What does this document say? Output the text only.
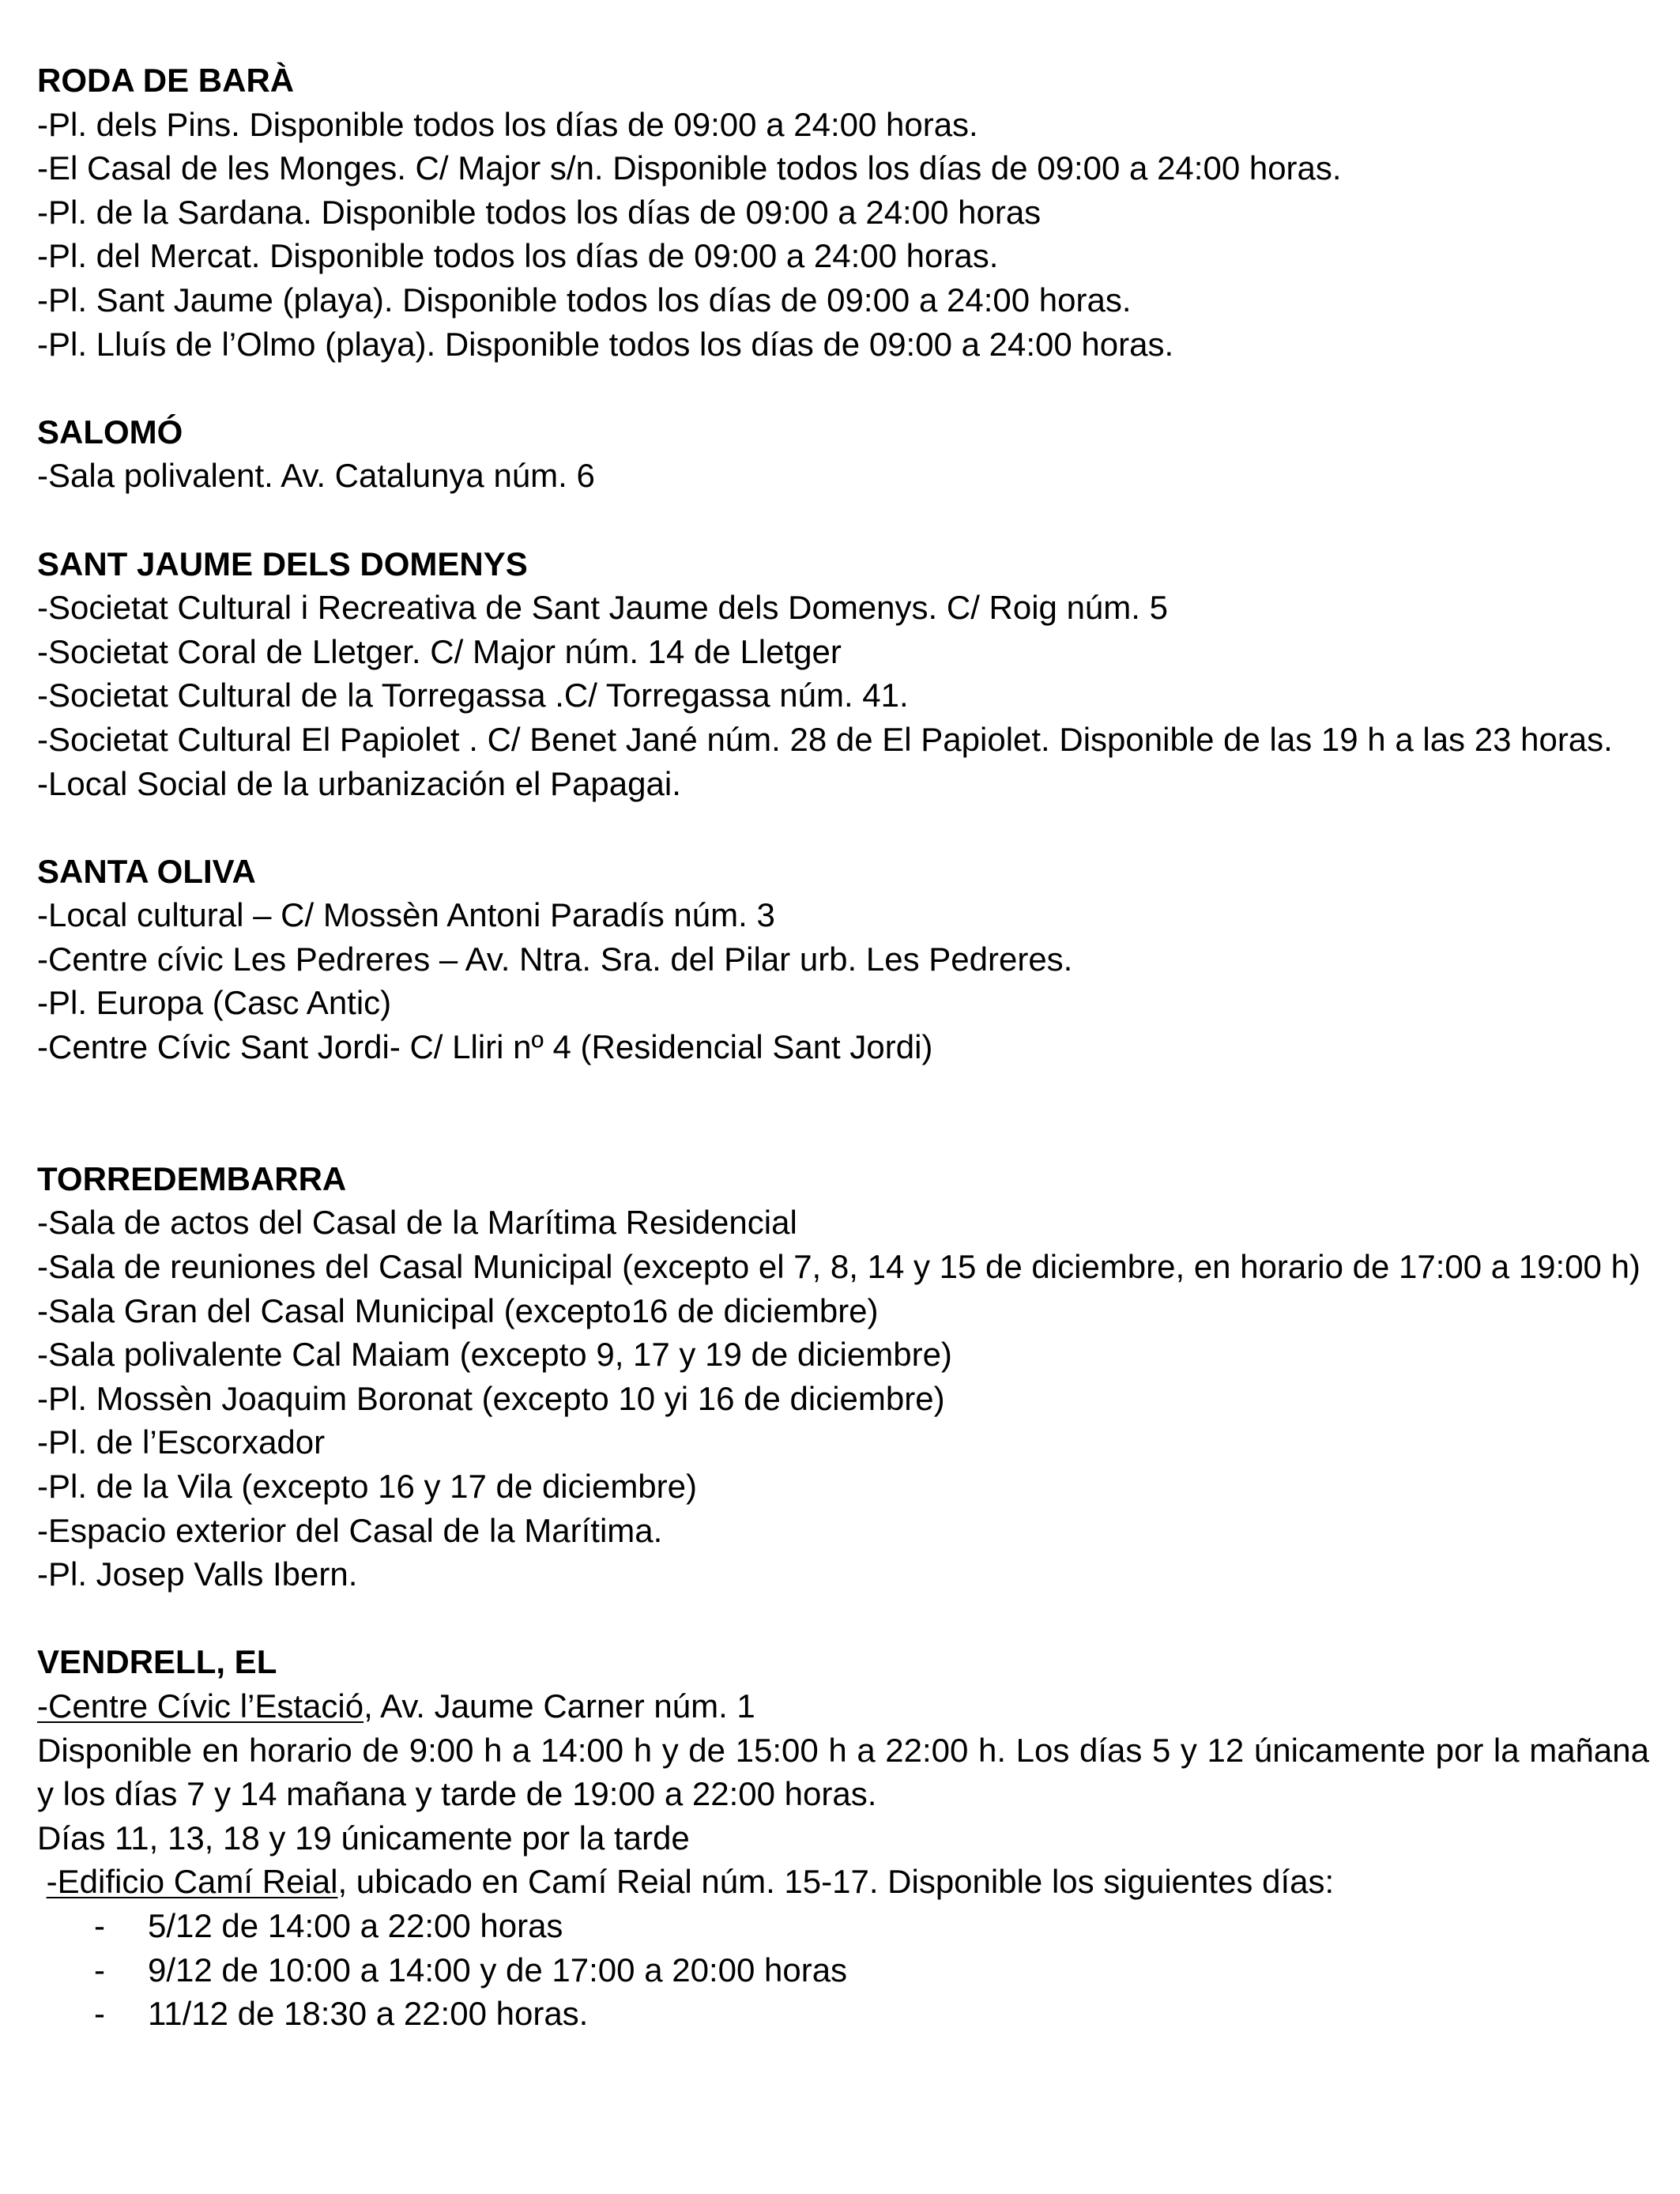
RODA DE BARÀ

-Pl. dels Pins. Disponible todos los días de 09:00 a 24:00 horas.

-El Casal de les Monges. C/ Major s/n. Disponible todos los días de 09:00 a 24:00 horas.

-Pl. de la Sardana. Disponible todos los días de 09:00 a 24:00 horas

-Pl. del Mercat. Disponible todos los días de 09:00 a 24:00 horas.

-Pl. Sant Jaume (playa). Disponible todos los días de 09:00 a 24:00 horas.

-Pl. Lluís de l’Olmo (playa). Disponible todos los días de 09:00 a 24:00 horas.

SALOMÓ

-Sala polivalent. Av. Catalunya núm. 6

SANT JAUME DELS DOMENYS

-Societat Cultural i Recreativa de Sant Jaume dels Domenys. C/ Roig núm. 5

-Societat Coral de Lletger. C/ Major núm. 14 de Lletger

-Societat Cultural de la Torregassa .C/ Torregassa núm. 41.

-Societat Cultural El Papiolet . C/ Benet Jané núm. 28 de El Papiolet. Disponible de las 19 h a las 23 horas.

-Local Social de la urbanización el Papagai.

SANTA OLIVA

-Local cultural – C/ Mossèn Antoni Paradís núm. 3

-Centre cívic Les Pedreres – Av. Ntra. Sra. del Pilar urb. Les Pedreres.

-Pl. Europa (Casc Antic)

-Centre Cívic Sant Jordi- C/ Lliri nº 4 (Residencial Sant Jordi)

TORREDEMBARRA

-Sala de actos del Casal de la Marítima Residencial

-Sala de reuniones del Casal Municipal (excepto el 7, 8, 14 y 15 de diciembre, en horario de 17:00 a 19:00 h)

-Sala Gran del Casal Municipal (excepto16 de diciembre)

-Sala polivalente Cal Maiam (excepto 9, 17 y 19 de diciembre)

-Pl. Mossèn Joaquim Boronat (excepto 10 yi 16 de diciembre)

-Pl. de l’Escorxador

-Pl. de la Vila (excepto 16 y 17 de diciembre)

-Espacio exterior del Casal de la Marítima.

-Pl. Josep Valls Ibern.

VENDRELL, EL

-Centre Cívic l’Estació, Av. Jaume Carner núm. 1

Disponible en horario de 9:00 h a 14:00 h y de 15:00 h a 22:00 h. Los días 5 y 12 únicamente por la mañana y los días 7 y 14 mañana y tarde de 19:00 a 22:00 horas.

Días 11, 13, 18 y 19 únicamente por la tarde

-Edificio Camí Reial, ubicado en Camí Reial núm. 15-17. Disponible los siguientes días:

- 5/12 de 14:00 a 22:00 horas
- 9/12 de 10:00 a 14:00 y de 17:00 a 20:00 horas
- 11/12 de 18:30 a 22:00 horas.
